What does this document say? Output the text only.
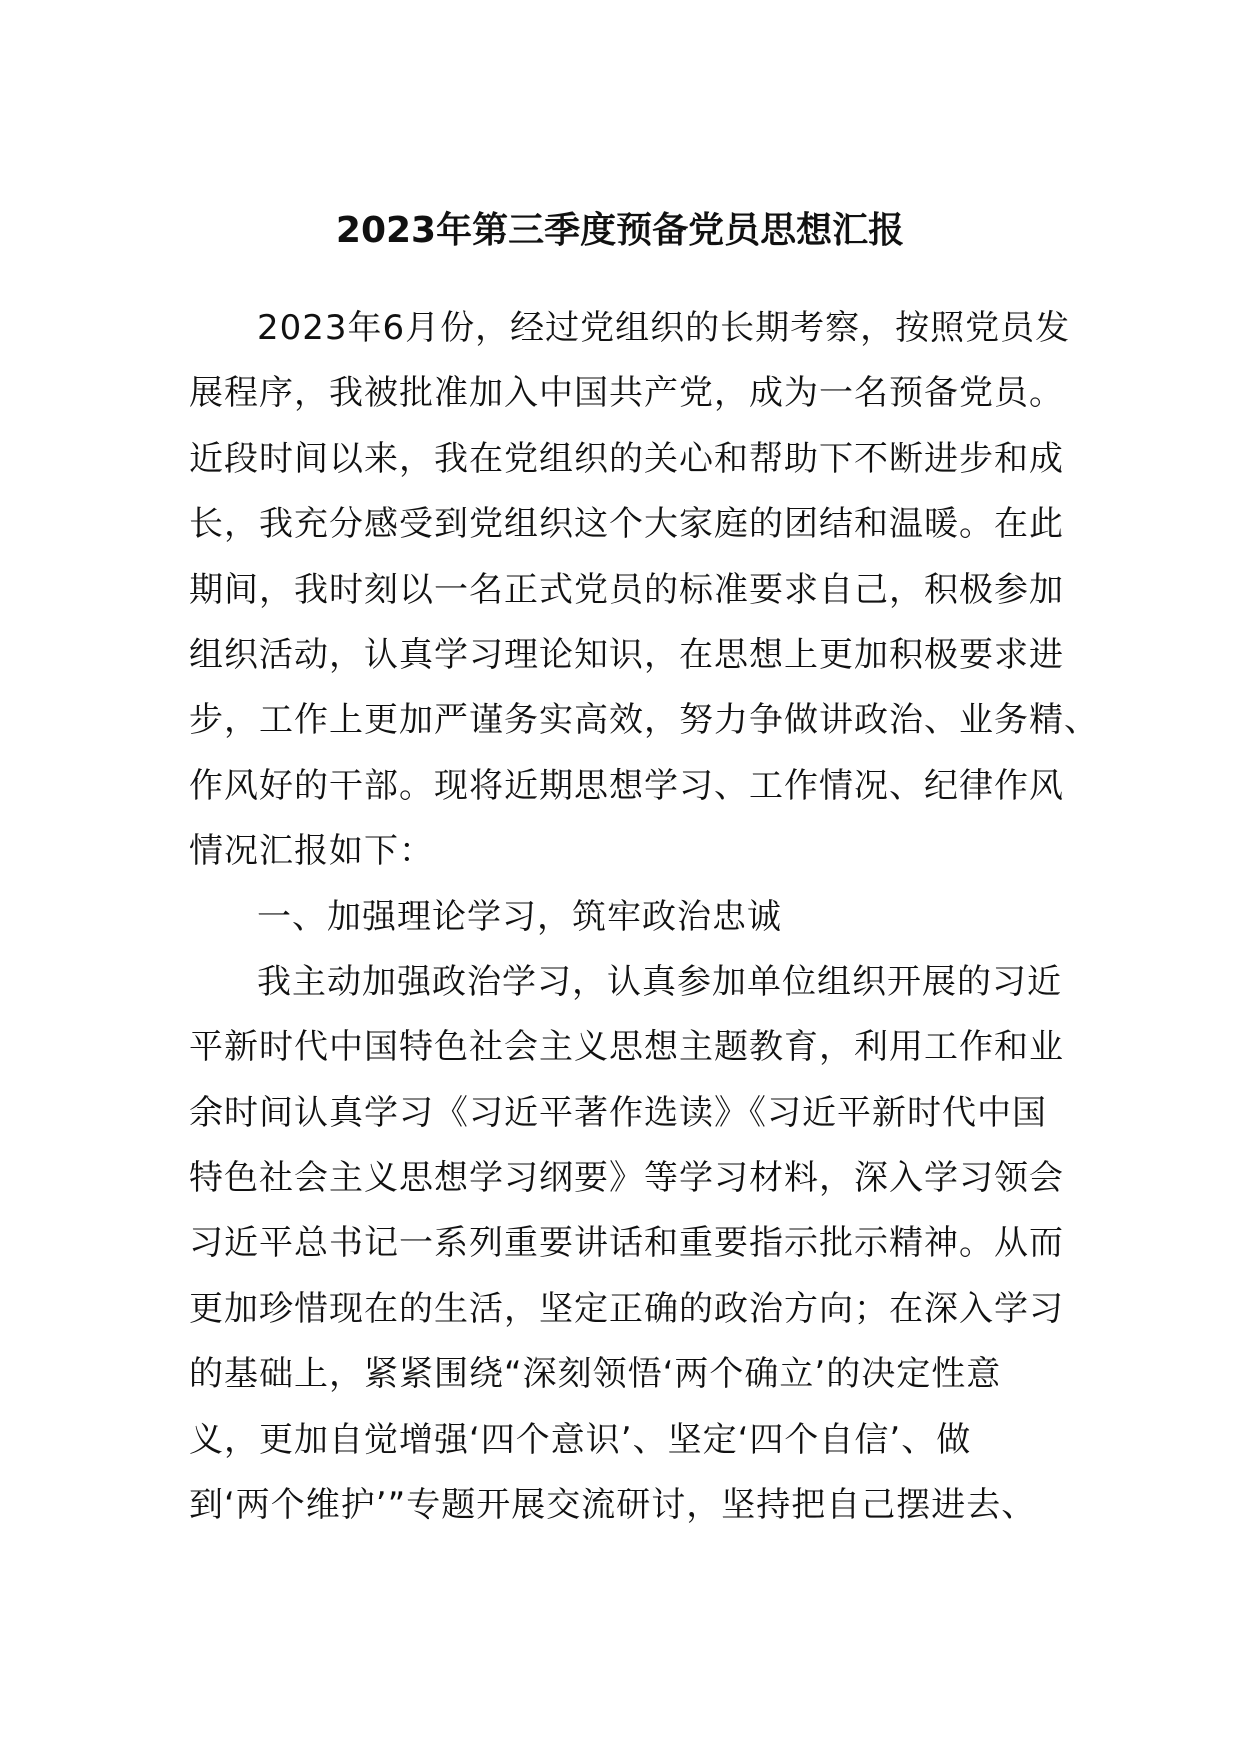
2023年第三季度预备党员思想汇报
2023年6月份，经过党组织的长期考察，按照党员发
展程序，我被批准加入中国共产党，成为一名预备党员。
近段时间以来，我在党组织的关心和帮助下不断进步和成
长，我充分感受到党组织这个大家庭的团结和温暖。在此
期间，我时刻以一名正式党员的标准要求自己，积极参加
组织活动，认真学习理论知识，在思想上更加积极要求进
步，工作上更加严谨务实高效，努力争做讲政治、业务精、
作风好的干部。现将近期思想学习、工作情况、纪律作风
情况汇报如下：
一、加强理论学习，筑牢政治忠诚
我主动加强政治学习，认真参加单位组织开展的习近
平新时代中国特色社会主义思想主题教育，利用工作和业
余时间认真学习《习近平著作选读》《习近平新时代中国
特色社会主义思想学习纲要》等学习材料，深入学习领会
习近平总书记一系列重要讲话和重要指示批示精神。从而
更加珍惜现在的生活，坚定正确的政治方向；在深入学习
的基础上，紧紧围绕“深刻领悟‘两个确立’的决定性意
义，更加自觉增强‘四个意识’、坚定‘四个自信’、做
到‘两个维护’”专题开展交流研讨，坚持把自己摆进去、
